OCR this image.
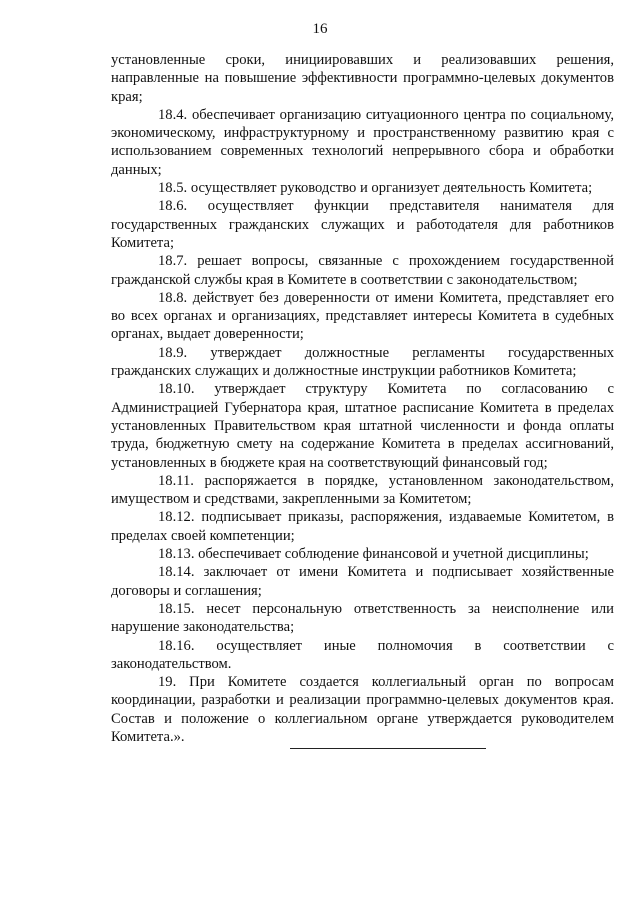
16

установленные сроки, инициировавших и реализовавших решения, направленные на повышение эффективности программно-целевых документов края;

18.4. обеспечивает организацию ситуационного центра по социальному, экономическому, инфраструктурному и пространственному развитию края с использованием современных технологий непрерывного сбора и обработки данных;

18.5. осуществляет руководство и организует деятельность Комитета;

18.6. осуществляет функции представителя нанимателя для государственных гражданских служащих и работодателя для работников Комитета;

18.7. решает вопросы, связанные с прохождением государственной гражданской службы края в Комитете в соответствии с законодательством;

18.8. действует без доверенности от имени Комитета, представляет его во всех органах и организациях, представляет интересы Комитета в судебных органах, выдает доверенности;

18.9. утверждает должностные регламенты государственных гражданских служащих и должностные инструкции работников Комитета;

18.10. утверждает структуру Комитета по согласованию с Администрацией Губернатора края, штатное расписание Комитета в пределах установленных Правительством края штатной численности и фонда оплаты труда, бюджетную смету на содержание Комитета в пределах ассигнований, установленных в бюджете края на соответствующий финансовый год;

18.11. распоряжается в порядке, установленном законодательством, имуществом и средствами, закрепленными за Комитетом;

18.12. подписывает приказы, распоряжения, издаваемые Комитетом, в пределах своей компетенции;

18.13. обеспечивает соблюдение финансовой и учетной дисциплины;

18.14. заключает от имени Комитета и подписывает хозяйственные договоры и соглашения;

18.15. несет персональную ответственность за неисполнение или нарушение законодательства;

18.16. осуществляет иные полномочия в соответствии с законодательством.

19. При Комитете создается коллегиальный орган по вопросам координации, разработки и реализации программно-целевых документов края. Состав и положение о коллегиальном органе утверждается руководителем Комитета.».
